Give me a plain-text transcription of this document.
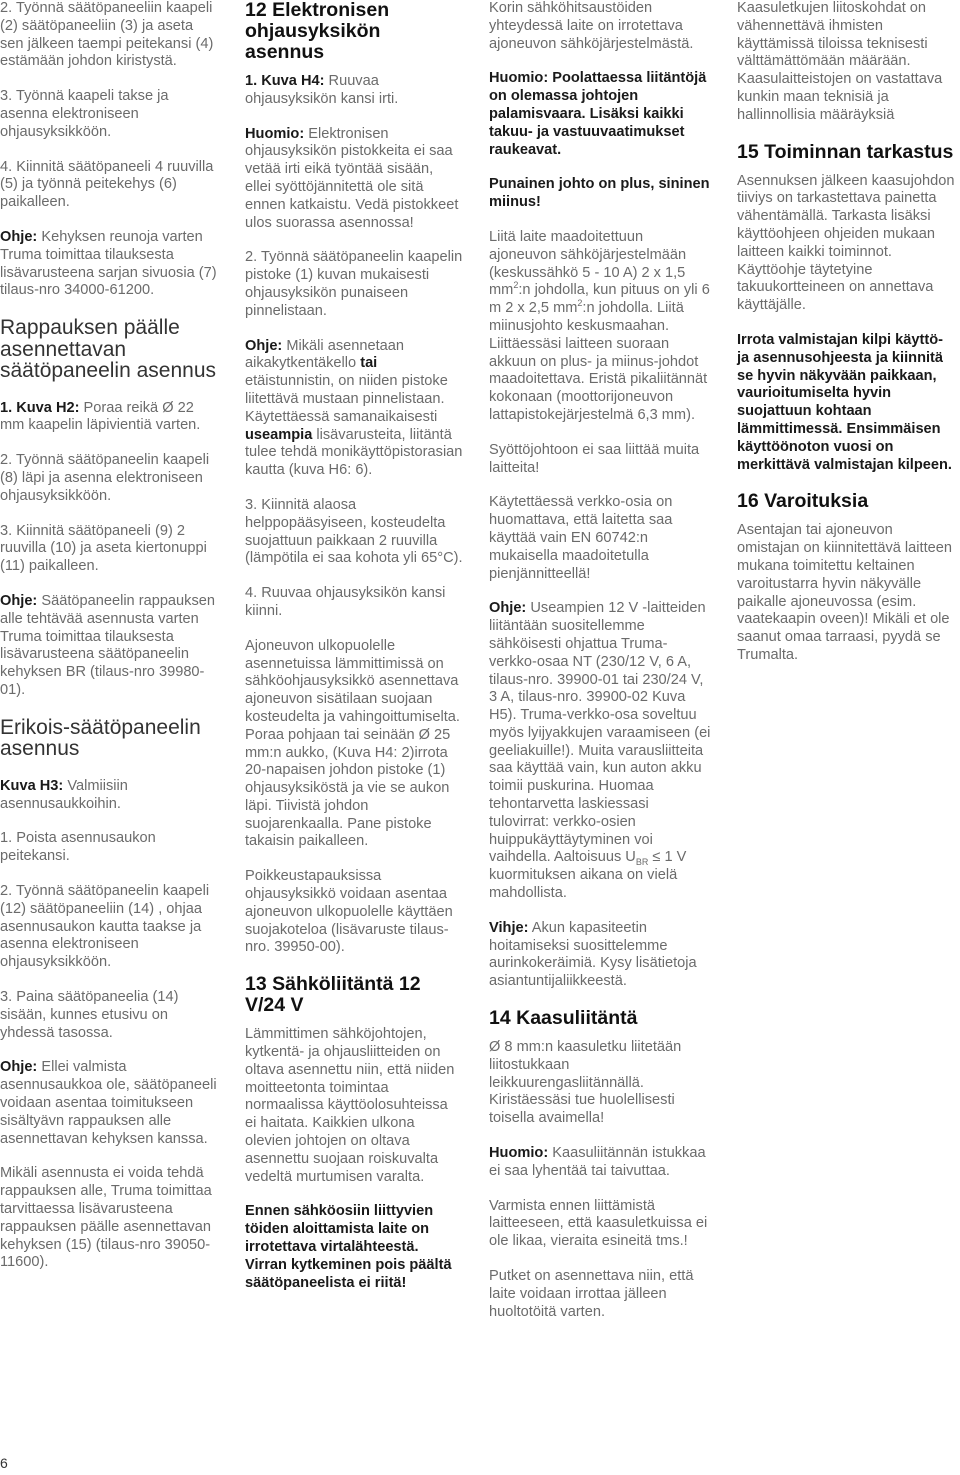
2. Työnnä säätöpaneeliin kaapeli (2) säätöpaneeliin (3) ja aseta sen jälkeen taempi peitekansi (4) estämään johdon kiristystä.

3. Työnnä kaapeli takse ja asenna elektroniseen ohjausyksikköön.

4. Kiinnitä säätöpaneeli 4 ruuvilla (5) ja työnnä peitekehys (6) paikalleen.

Ohje: Kehyksen reunoja varten Truma toimittaa tilauksesta lisävarusteena sarjan sivuosia (7) tilaus-nro 34000-61200.

Rappauksen päälle asennettavan säätöpaneelin asennus

1. Kuva H2: Poraa reikä Ø 22 mm kaapelin läpivientiä varten.

2. Työnnä säätöpaneelin kaapeli (8) läpi ja asenna elektroniseen ohjausyksikköön.

3. Kiinnitä säätöpaneeli (9) 2 ruuvilla (10) ja aseta kiertonuppi (11) paikalleen.

Ohje: Säätöpaneelin rappauksen alle tehtävää asennusta varten Truma toimittaa tilauksesta lisävarusteena säätöpaneelin kehyksen BR (tilaus-nro 39980-01).

Erikois-säätöpaneelin asennus

Kuva H3: Valmiisiin asennusaukkoihin.

1. Poista asennusaukon peitekansi.

2. Työnnä säätöpaneelin kaapeli (12) säätöpaneeliin (14) , ohjaa asennusaukon kautta taakse ja asenna elektroniseen ohjausyksikköön.

3. Paina säätöpaneelia (14) sisään, kunnes etusivu on yhdessä tasossa.

Ohje: Ellei valmista asennusaukkoa ole, säätöpaneeli voidaan asentaa toimitukseen sisältyävn rappauksen alle asennettavan kehyksen kanssa.

Mikäli asennusta ei voida tehdä rappauksen alle, Truma toimittaa tarvittaessa lisävarusteena rappauksen päälle asennettavan kehyksen (15) (tilaus-nro 39050-11600).

12 Elektronisen ohjausyksikön asennus

1. Kuva H4: Ruuvaa ohjausyksikön kansi irti.

Huomio: Elektronisen ohjausyksikön pistokkeita ei saa vetää irti eikä työntää sisään, ellei syöttöjännitettä ole sitä ennen katkaistu. Vedä pistokkeet ulos suorassa asennossa!

2. Työnnä säätöpaneelin kaapelin pistoke (1) kuvan mukaisesti ohjausyksikön punaiseen pinnelistaan.

Ohje: Mikäli asennetaan aikakytkentäkello tai etäistunnistin, on niiden pistoke liitettävä mustaan pinnelistaan. Käytettäessä samanaikaisesti useampia lisävarusteita, liitäntä tulee tehdä monikäyttöpistorasian kautta (kuva H6: 6).

3. Kiinnitä alaosa helppopääsyiseen, kosteudelta suojattuun paikkaan 2 ruuvilla (lämpötila ei saa kohota yli 65°C).

4. Ruuvaa ohjausyksikön kansi kiinni.

Ajoneuvon ulkopuolelle asennetuissa lämmittimissä on sähköohjausyksikkö asennettava ajoneuvon sisätilaan suojaan kosteudelta ja vahingoittumiselta. Poraa pohjaan tai seinään Ø 25 mm:n aukko, (Kuva H4: 2)irrota 20-napaisen johdon pistoke (1) ohjausyksiköstä ja vie se aukon läpi. Tiivistä johdon suojarenkaalla. Pane pistoke takaisin paikalleen.

Poikkeustapauksissa ohjausyksikkö voidaan asentaa ajoneuvon ulkopuolelle käyttäen suojakoteloa (lisävaruste tilaus-nro. 39950-00).

13 Sähköliitäntä 12 V/24 V

Lämmittimen sähköjohtojen, kytkentä- ja ohjausliitteiden on oltava asennettu niin, että niiden moitteetonta toimintaa normaalissa käyttöolosuhteissa ei haitata. Kaikkien ulkona olevien johtojen on oltava asennettu suojaan roiskuvalta vedeltä murtumisen varalta.

Ennen sähköosiin liittyvien töiden aloittamista laite on irrotettava virtalähteestä. Virran kytkeminen pois päältä säätöpaneelista ei riitä!

Korin sähköhitsaustöiden yhteydessä laite on irrotettava ajoneuvon sähköjärjestelmästä.

Huomio: Poolattaessa liitäntöjä on olemassa johtojen palamisvaara. Lisäksi kaikki takuu- ja vastuuvaatimukset raukeavat.

Punainen johto on plus, sininen miinus!

Liitä laite maadoitettuun ajoneuvon sähköjärjestelmään (keskussähkö 5 - 10 A) 2 x 1,5 $mm^2:n$ johdolla, kun pituus on yli 6 m 2 x 2,5 $mm^2:n$ johdolla. Liitä miinusjohto keskusmaahan. Liittäessäsi laitteen suoraan akkuun on plus- ja miinus-johdot maadoitettava. Eristä pikaliitännät kokonaan (moottorijoneuvon lattapistokejärjestelmä 6,3 mm).

Syöttöjohtoon ei saa liittää muita laitteita!

Käytettäessä verkko-osia on huomattava, että laitetta saa käyttää vain EN 60742:n mukaisella maadoitetulla pienjännitteellä!

Ohje: Useampien 12 V -laitteiden liitäntään suositellemme sähköisesti ohjattua Truma-verkko-osaa NT (230/12 V, 6 A, tilaus-nro. 39900-01 tai 230/24 V, 3 A, tilaus-nro. 39900-02 Kuva H5). Truma-verkko-osa soveltuu myös lyijyakkujen varaamiseen (ei geeliakuille!). Muita varausliitteita saa käyttää vain, kun auton akku toimii puskurina. Huomaa tehontarvetta laskiessasi tulovirrat: verkko-osien huippukäyttäytyminen voi vaihdella. Aaltoisuus $U_{BR} \le 1$ V kuormituksen aikana on vielä mahdollista.

Vihje: Akun kapasiteetin hoitamiseksi suosittelemme aurinkokeräimiä. Kysy lisätietoja asiantuntijaliikkeestä.

14 Kaasuliitäntä

Ø 8 mm:n kaasuletku liitetään liitostukkaan leikkuurengasliitännällä. Kiristäessäsi tue huolellisesti toisella avaimella!

Huomio: Kaasuliitännän istukkaa ei saa lyhentää tai taivuttaa.

Varmista ennen liittämistä laitteeseen, että kaasuletkuissa ei ole likaa, vieraita esineitä tms.!

Putket on asennettava niin, että laite voidaan irrottaa jälleen huoltotöitä varten.

Kaasuletkujen liitoskohdat on vähennettävä ihmisten käyttämissä tiloissa teknisesti välttämättömään määrään. Kaasulaitteistojen on vastattava kunkin maan teknisiä ja hallinnollisia määräyksiä

15 Toiminnan tarkastus

Asennuksen jälkeen kaasujohdon tiiviys on tarkastettava painetta vähentämällä. Tarkasta lisäksi käyttöohjeen ohjeiden mukaan laitteen kaikki toiminnot. Käyttöohje täytetyine takuukortteineen on annettava käyttäjälle.

Irrota valmistajan kilpi käyttö- ja asennusohjeesta ja kiinnitä se hyvin näkyvään paikkaan, vaurioitumiselta hyvin suojattuun kohtaan lämmittimessä. Ensimmäisen käyttöönoton vuosi on merkittävä valmistajan kilpeen.

16 Varoituksia

Asentajan tai ajoneuvon omistajan on kiinnitettävä laitteen mukana toimitettu keltainen varoitustarra hyvin näkyvälle paikalle ajoneuvossa (esim. vaatekaapin oveen)! Mikäli et ole saanut omaa tarraasi, pyydä se Trumalta.

6
